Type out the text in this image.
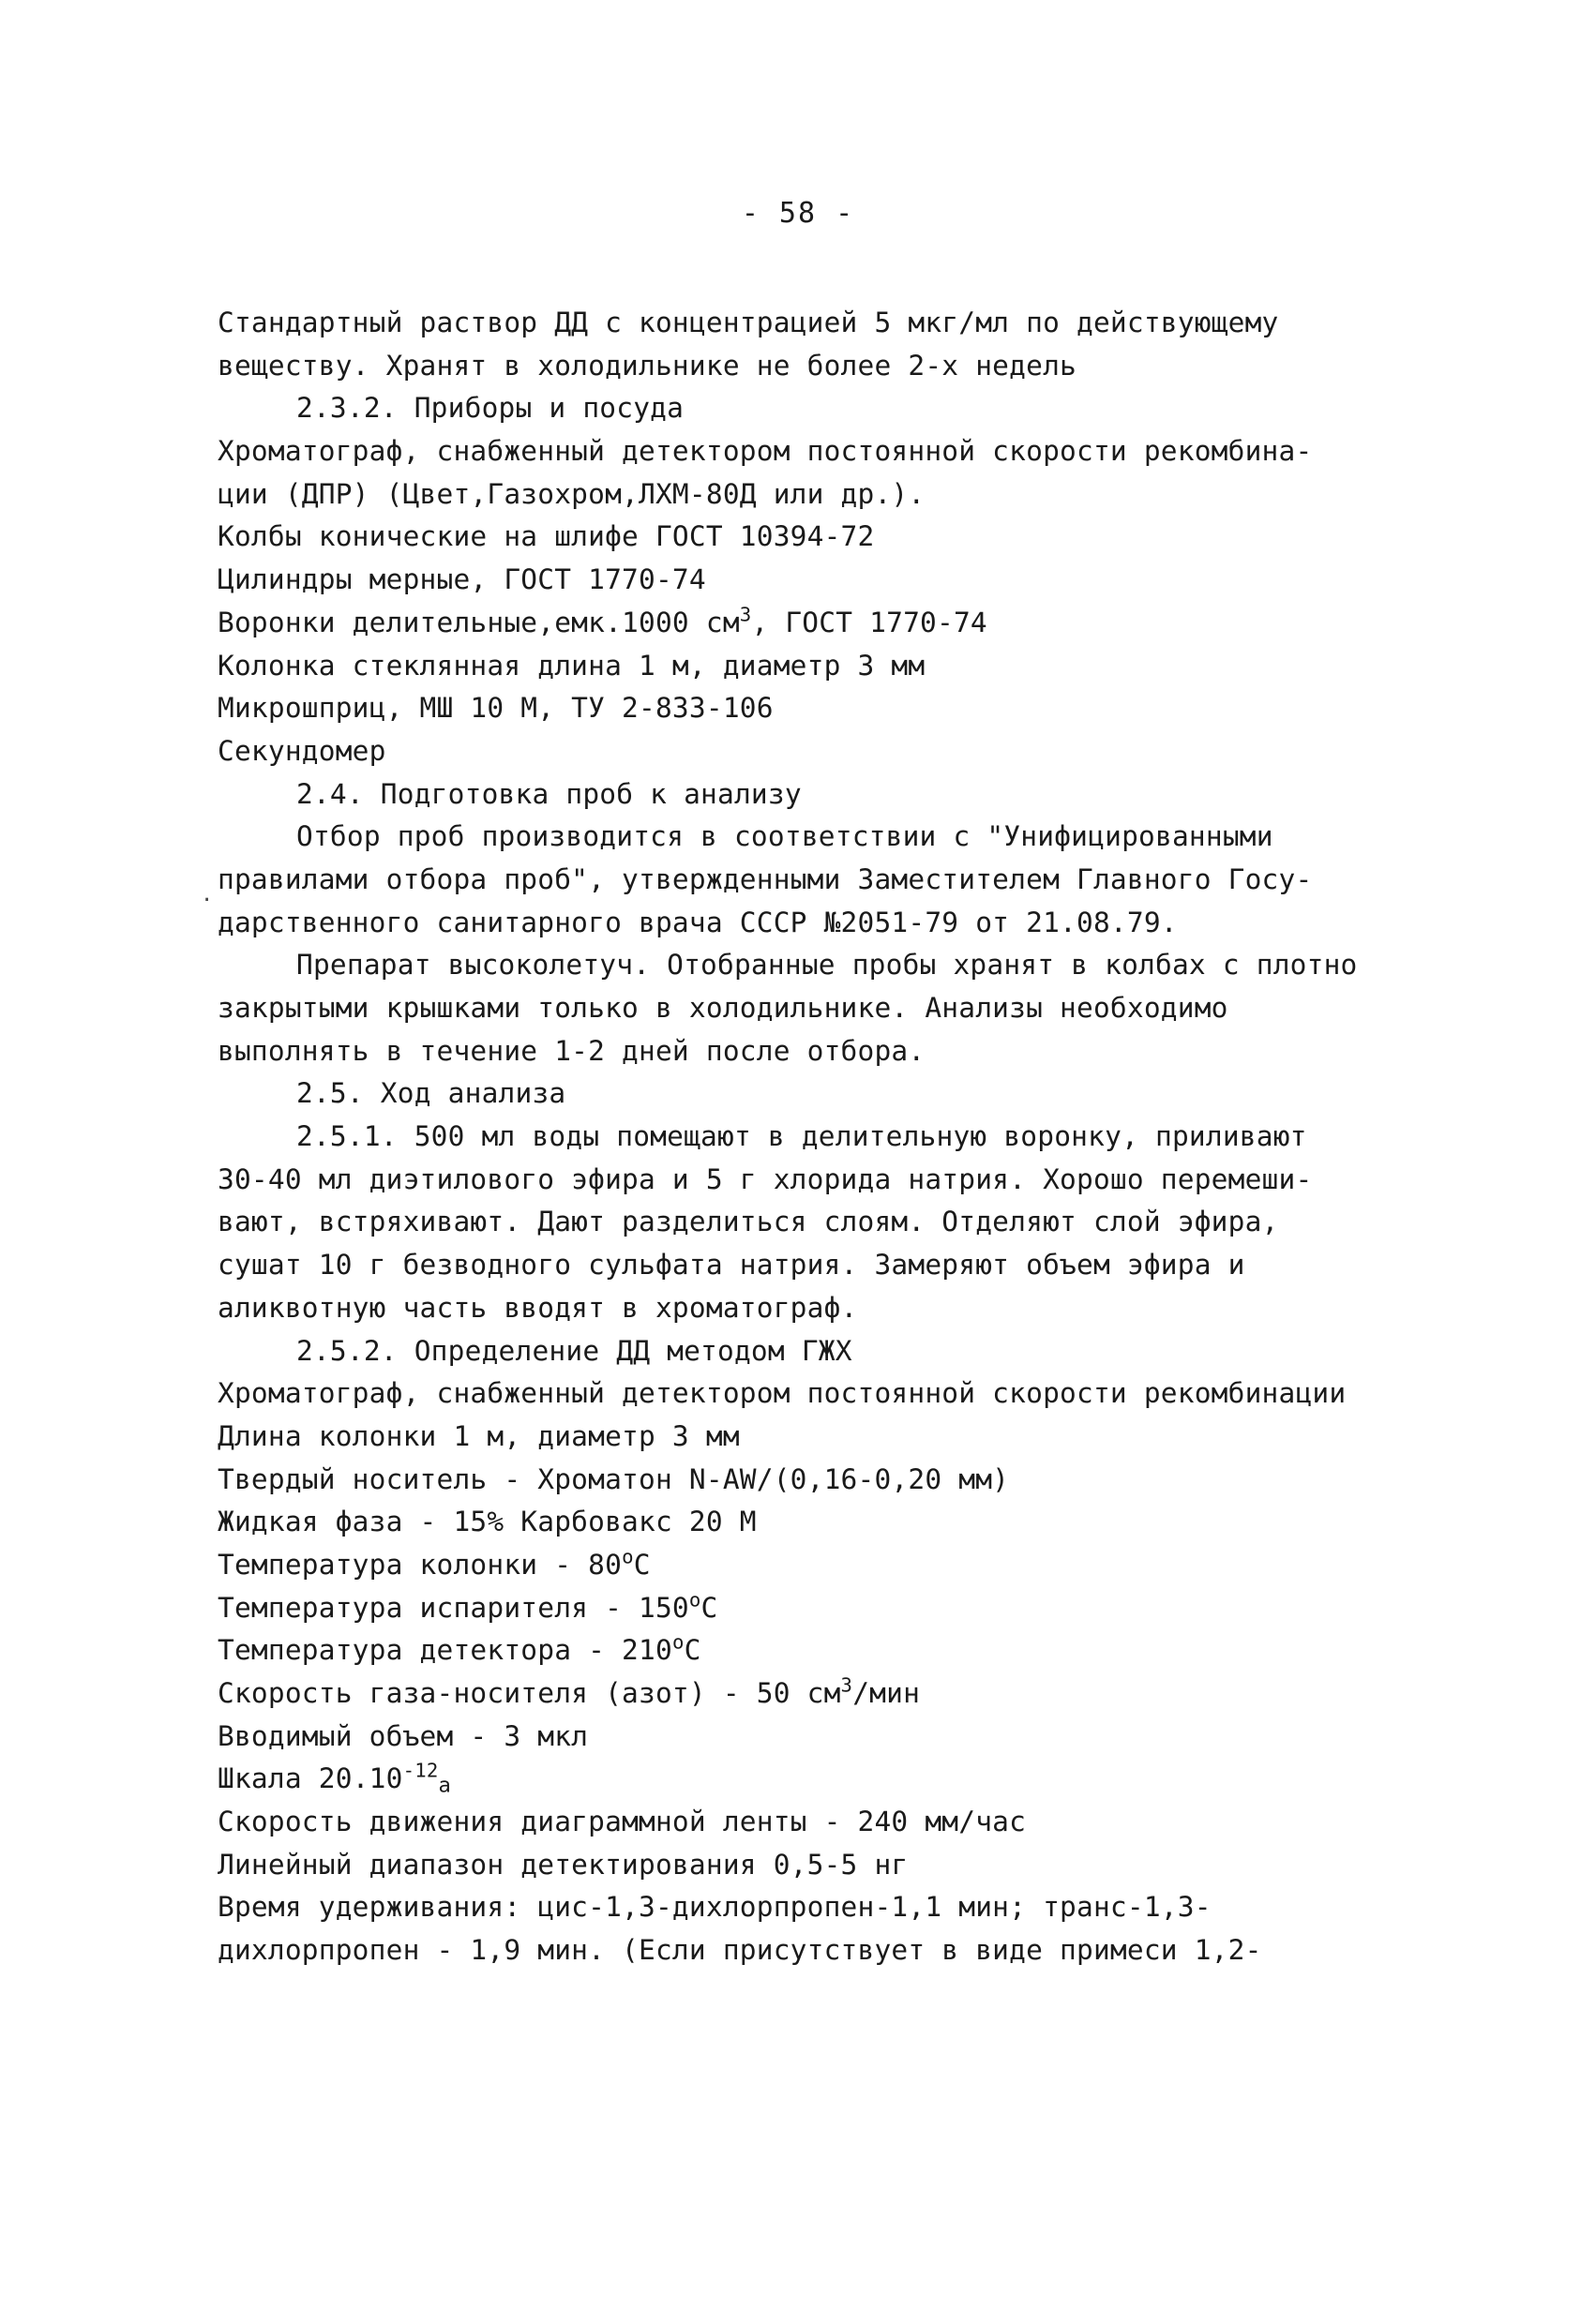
- 58 -
·
Стандартный раствор ДД с концентрацией 5 мкг/мл по действующему
веществу. Хранят в холодильнике не более 2-х недель
2.3.2. Приборы и посуда
Хроматограф, снабженный детектором постоянной скорости рекомбина-
ции (ДПР) (Цвет,Газохром,ЛХМ-80Д или др.).
Колбы конические на шлифе ГОСТ 10394-72
Цилиндры мерные, ГОСТ 1770-74
Воронки делительные,емк.1000 $см^3$, ГОСТ 1770-74
Колонка стеклянная длина 1 м, диаметр 3 мм
Микрошприц, МШ 10 М, ТУ 2-833-106
Секундомер
2.4. Подготовка проб к анализу
Отбор проб производится в соответствии с "Унифицированными
правилами отбора проб", утвержденными Заместителем Главного Госу-
дарственного санитарного врача СССР №2051-79 от 21.08.79.
Препарат высоколетуч. Отобранные пробы хранят в колбах с плотно
закрытыми крышками только в холодильнике. Анализы необходимо
выполнять в течение 1-2 дней после отбора.
2.5. Ход анализа
2.5.1. 500 мл воды помещают в делительную воронку, приливают
30-40 мл диэтилового эфира и 5 г хлорида натрия. Хорошо перемеши-
вают, встряхивают. Дают разделиться слоям. Отделяют слой эфира,
сушат 10 г безводного сульфата натрия. Замеряют объем эфира и
аликвотную часть вводят в хроматограф.
2.5.2. Определение ДД методом ГЖХ
Хроматограф, снабженный детектором постоянной скорости рекомбинации
Длина колонки 1 м, диаметр 3 мм
Твердый носитель - Хроматон N-AW/(0,16-0,20 мм)
Жидкая фаза - 15% Карбовакс 20 М
Температура колонки - $80^оС$
Температура испарителя - $150^оС$
Температура детектора - $210^оС$
Скорость газа-носителя (азот) - 50 $см^3$/мин
Вводимый объем - 3 мкл
Шкала $20.10^{-12}_а$
Скорость движения диаграммной ленты - 240 мм/час
Линейный диапазон детектирования 0,5-5 нг
Время удерживания: цис-1,3-дихлорпропен-1,1 мин; транс-1,3-
дихлорпропен - 1,9 мин. (Если присутствует в виде примеси 1,2-
